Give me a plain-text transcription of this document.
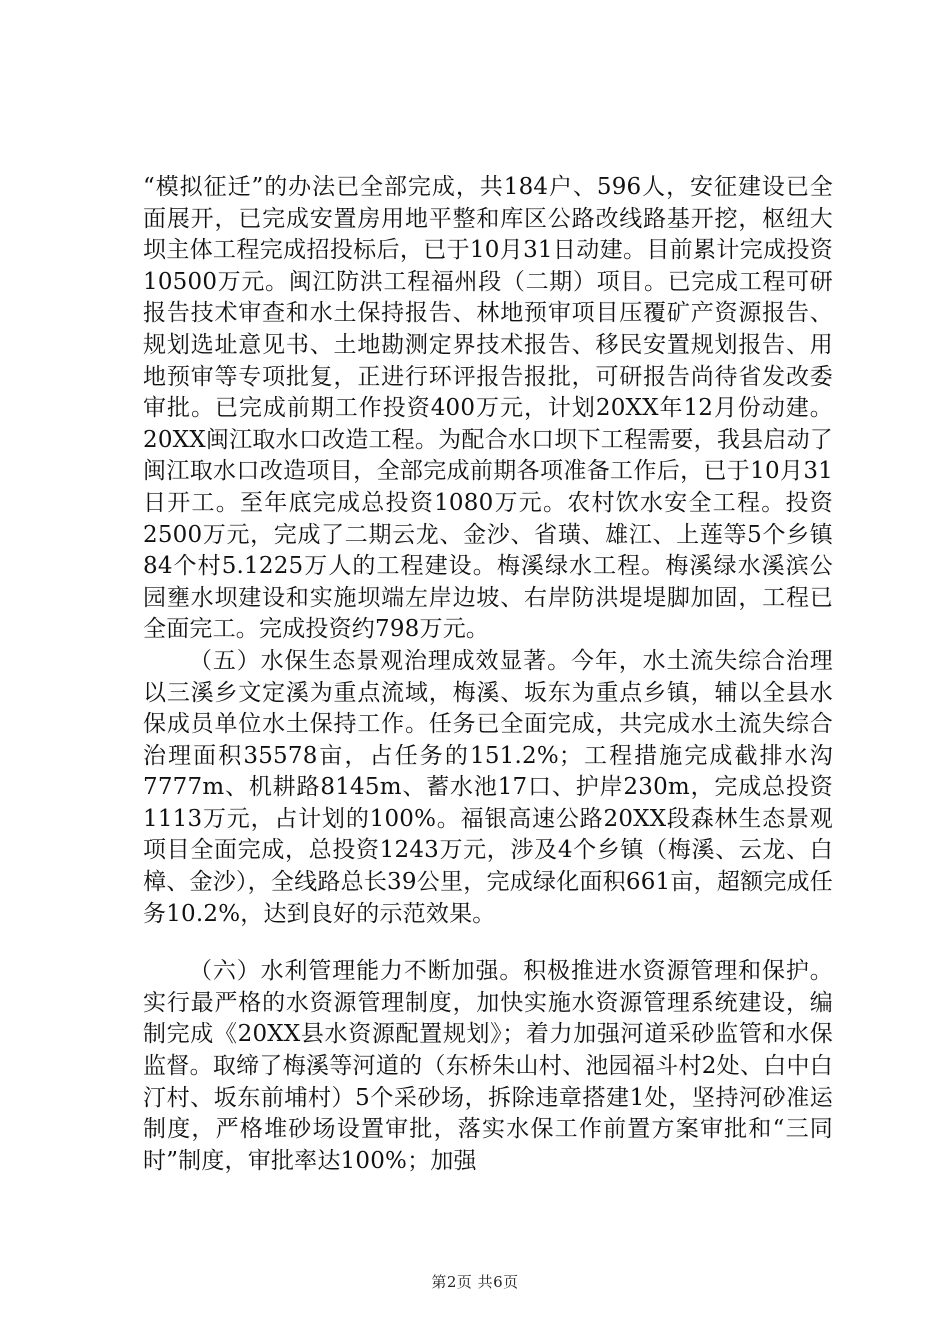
“模拟征迁”的办法已全部完成，共184户、596人，安征建设已全面展开，已完成安置房用地平整和库区公路改线路基开挖，枢纽大坝主体工程完成招投标后，已于10月31日动建。目前累计完成投资10500万元。闽江防洪工程福州段（二期）项目。已完成工程可研报告技术审查和水土保持报告、林地预审项目压覆矿产资源报告、规划选址意见书、土地勘测定界技术报告、移民安置规划报告、用地预审等专项批复，正进行环评报告报批，可研报告尚待省发改委审批。已完成前期工作投资400万元，计划20XX年12月份动建。20XX闽江取水口改造工程。为配合水口坝下工程需要，我县启动了闽江取水口改造项目，全部完成前期各项准备工作后，已于10月31日开工。至年底完成总投资1080万元。农村饮水安全工程。投资2500万元，完成了二期云龙、金沙、省璜、雄江、上莲等5个乡镇84个村5.1225万人的工程建设。梅溪绿水工程。梅溪绿水溪滨公园壅水坝建设和实施坝端左岸边坡、右岸防洪堤堤脚加固，工程已全面完工。完成投资约798万元。

（五）水保生态景观治理成效显著。今年，水土流失综合治理以三溪乡文定溪为重点流域，梅溪、坂东为重点乡镇，辅以全县水保成员单位水土保持工作。任务已全面完成，共完成水土流失综合治理面积35578亩，占任务的151.2%；工程措施完成截排水沟7777m、机耕路8145m、蓄水池17口、护岸230m，完成总投资1113万元，占计划的100%。福银高速公路20XX段森林生态景观项目全面完成，总投资1243万元，涉及4个乡镇（梅溪、云龙、白樟、金沙），全线路总长39公里，完成绿化面积661亩，超额完成任务10.2%，达到良好的示范效果。

（六）水利管理能力不断加强。积极推进水资源管理和保护。实行最严格的水资源管理制度，加快实施水资源管理系统建设，编制完成《20XX县水资源配置规划》；着力加强河道采砂监管和水保监督。取缔了梅溪等河道的（东桥朱山村、池园福斗村2处、白中白汀村、坂东前埔村）5个采砂场，拆除违章搭建1处，坚持河砂准运制度，严格堆砂场设置审批，落实水保工作前置方案审批和“三同时”制度，审批率达100%；加强

第2页 共6页
